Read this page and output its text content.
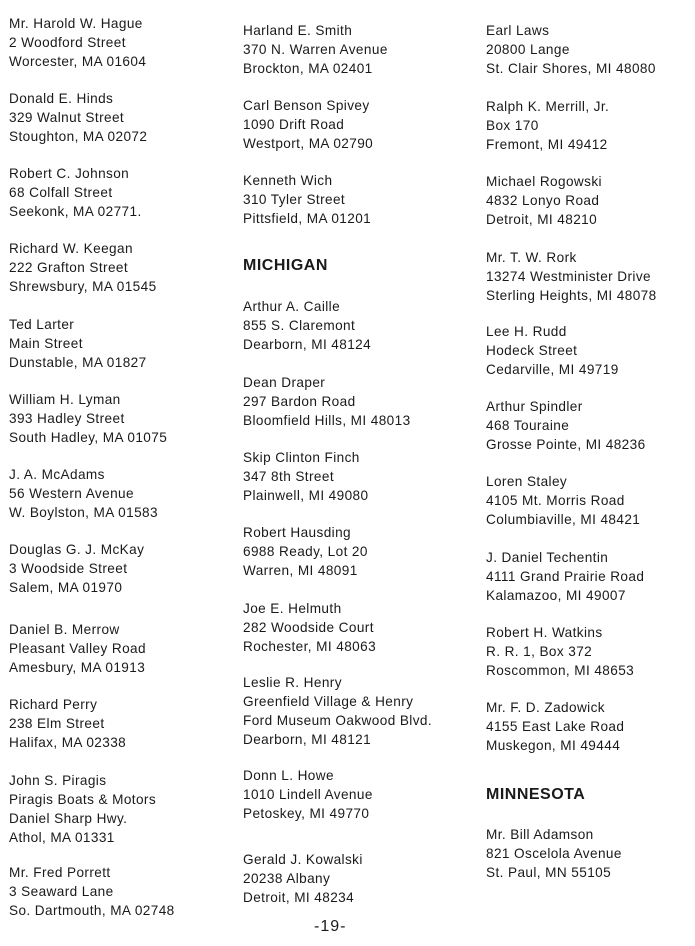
Mr. Harold W. Hague
2 Woodford Street
Worcester, MA 01604
Donald E. Hinds
329 Walnut Street
Stoughton, MA 02072
Robert C. Johnson
68 Colfall Street
Seekonk, MA 02771.
Richard W. Keegan
222 Grafton Street
Shrewsbury, MA 01545
Ted Larter
Main Street
Dunstable, MA 01827
William H. Lyman
393 Hadley Street
South Hadley, MA 01075
J. A. McAdams
56 Western Avenue
W. Boylston, MA 01583
Douglas G. J. McKay
3 Woodside Street
Salem, MA 01970
Daniel B. Merrow
Pleasant Valley Road
Amesbury, MA 01913
Richard Perry
238 Elm Street
Halifax, MA 02338
John S. Piragis
Piragis Boats & Motors
Daniel Sharp Hwy.
Athol, MA 01331
Mr. Fred Porrett
3 Seaward Lane
So. Dartmouth, MA 02748
Harland E. Smith
370 N. Warren Avenue
Brockton, MA 02401
Carl Benson Spivey
1090 Drift Road
Westport, MA 02790
Kenneth Wich
310 Tyler Street
Pittsfield, MA 01201
MICHIGAN
Arthur A. Caille
855 S. Claremont
Dearborn, MI 48124
Dean Draper
297 Bardon Road
Bloomfield Hills, MI 48013
Skip Clinton Finch
347 8th Street
Plainwell, MI 49080
Robert Hausding
6988 Ready, Lot 20
Warren, MI 48091
Joe E. Helmuth
282 Woodside Court
Rochester, MI 48063
Leslie R. Henry
Greenfield Village & Henry
Ford Museum Oakwood Blvd.
Dearborn, MI 48121
Donn L. Howe
1010 Lindell Avenue
Petoskey, MI 49770
Gerald J. Kowalski
20238 Albany
Detroit, MI 48234
Earl Laws
20800 Lange
St. Clair Shores, MI 48080
Ralph K. Merrill, Jr.
Box 170
Fremont, MI 49412
Michael Rogowski
4832 Lonyo Road
Detroit, MI 48210
Mr. T. W. Rork
13274 Westminister Drive
Sterling Heights, MI 48078
Lee H. Rudd
Hodeck Street
Cedarville, MI 49719
Arthur Spindler
468 Touraine
Grosse Pointe, MI 48236
Loren Staley
4105 Mt. Morris Road
Columbiaville, MI 48421
J. Daniel Techentin
4111 Grand Prairie Road
Kalamazoo, MI 49007
Robert H. Watkins
R. R. 1, Box 372
Roscommon, MI 48653
Mr. F. D. Zadowick
4155 East Lake Road
Muskegon, MI 49444
MINNESOTA
Mr. Bill Adamson
821 Oscelola Avenue
St. Paul, MN 55105
-19-
